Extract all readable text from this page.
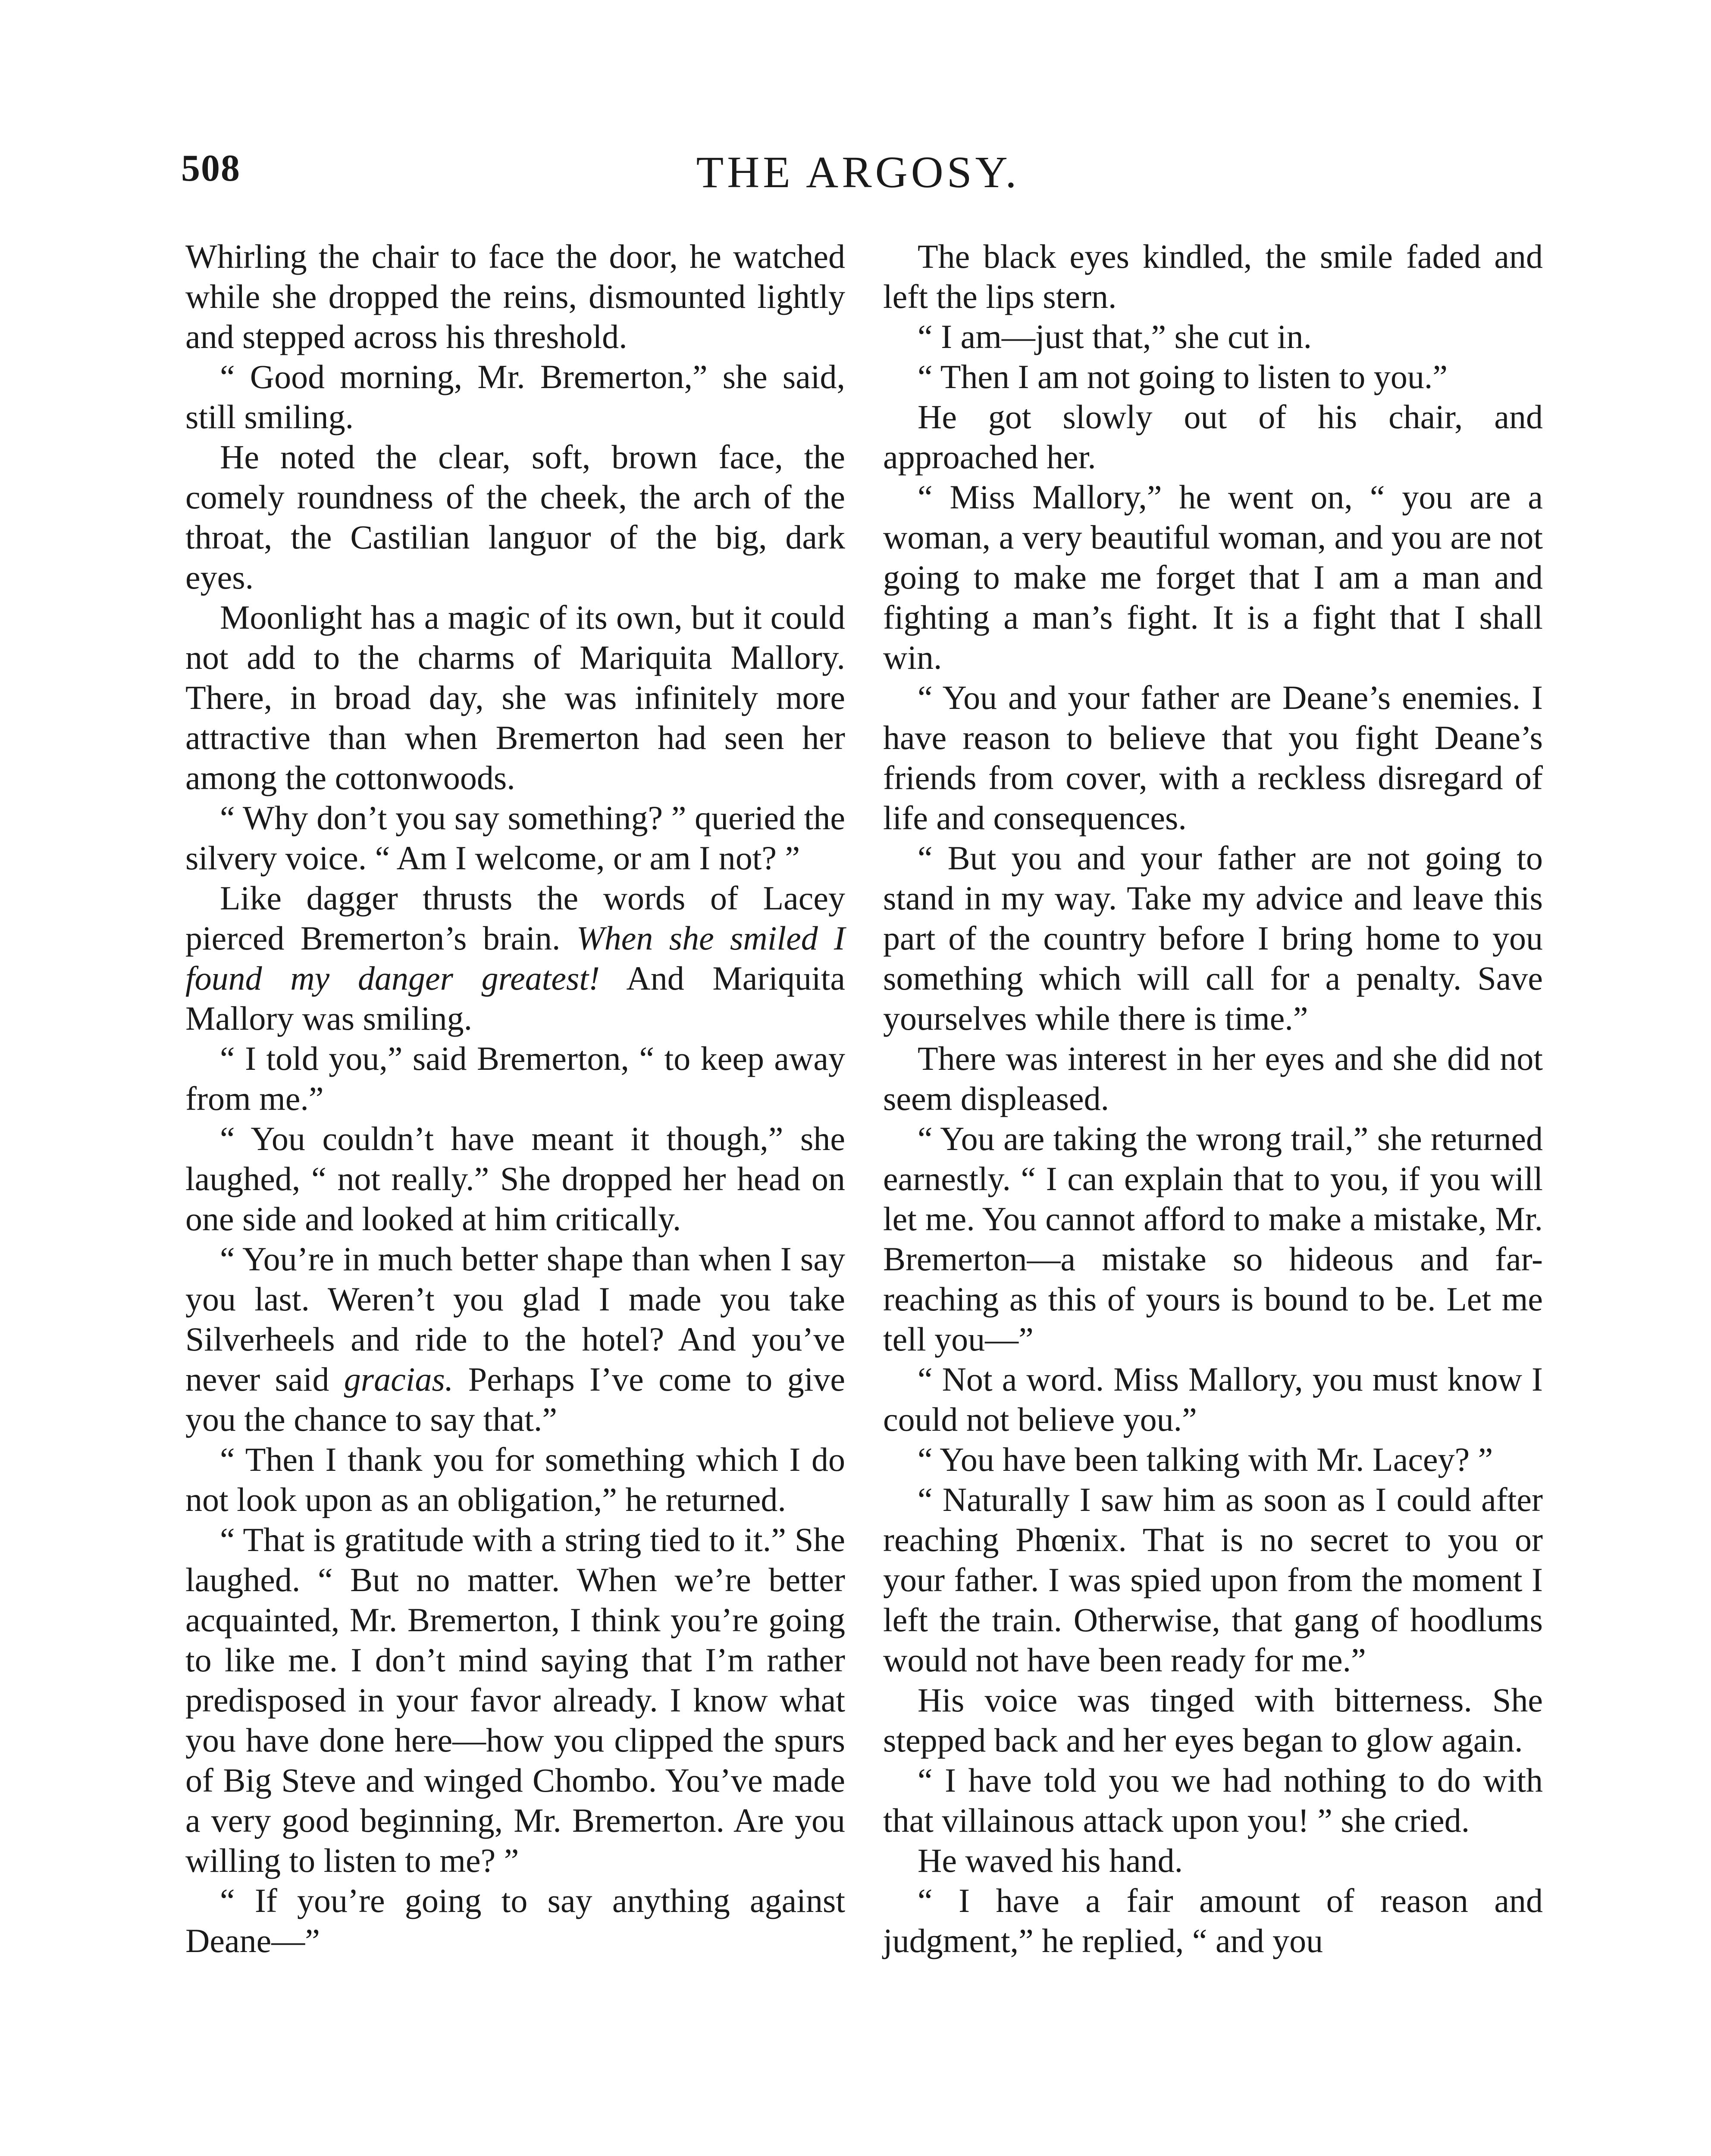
THE ARGOSY.
508

Whirling the chair to face the door, he watched while she dropped the reins, dismounted lightly and stepped across his threshold.

“ Good morning, Mr. Bremerton,” she said, still smiling.

He noted the clear, soft, brown face, the comely roundness of the cheek, the arch of the throat, the Castilian languor of the big, dark eyes.

Moonlight has a magic of its own, but it could not add to the charms of Mariquita Mallory. There, in broad day, she was infinitely more attractive than when Bremerton had seen her among the cottonwoods.

“ Why don’t you say something? ” queried the silvery voice. “ Am I welcome, or am I not? ”

Like dagger thrusts the words of Lacey pierced Bremerton’s brain. When she smiled I found my danger greatest! And Mariquita Mallory was smiling.

“ I told you,” said Bremerton, “ to keep away from me.”

“ You couldn’t have meant it though,” she laughed, “ not really.” She dropped her head on one side and looked at him critically.

“ You’re in much better shape than when I say you last. Weren’t you glad I made you take Silverheels and ride to the hotel? And you’ve never said gracias. Perhaps I’ve come to give you the chance to say that.”

“ Then I thank you for something which I do not look upon as an obligation,” he returned.

“ That is gratitude with a string tied to it.” She laughed. “ But no matter. When we’re better acquainted, Mr. Bremerton, I think you’re going to like me. I don’t mind saying that I’m rather predisposed in your favor already. I know what you have done here—how you clipped the spurs of Big Steve and winged Chombo. You’ve made a very good beginning, Mr. Bremerton. Are you willing to listen to me? ”

“ If you’re going to say anything against Deane—”

The black eyes kindled, the smile faded and left the lips stern.

“ I am—just that,” she cut in.

“ Then I am not going to listen to you.”

He got slowly out of his chair, and approached her.

“ Miss Mallory,” he went on, “ you are a woman, a very beautiful woman, and you are not going to make me forget that I am a man and fighting a man’s fight. It is a fight that I shall win.

“ You and your father are Deane’s enemies. I have reason to believe that you fight Deane’s friends from cover, with a reckless disregard of life and consequences.

“ But you and your father are not going to stand in my way. Take my advice and leave this part of the country before I bring home to you something which will call for a penalty. Save yourselves while there is time.”

There was interest in her eyes and she did not seem displeased.

“ You are taking the wrong trail,” she returned earnestly. “ I can explain that to you, if you will let me. You cannot afford to make a mistake, Mr. Bremerton—a mistake so hideous and far-reaching as this of yours is bound to be. Let me tell you—”

“ Not a word. Miss Mallory, you must know I could not believe you.”

“ You have been talking with Mr. Lacey? ”

“ Naturally I saw him as soon as I could after reaching Phœnix. That is no secret to you or your father. I was spied upon from the moment I left the train. Otherwise, that gang of hoodlums would not have been ready for me.”

His voice was tinged with bitterness. She stepped back and her eyes began to glow again.

“ I have told you we had nothing to do with that villainous attack upon you! ” she cried.

He waved his hand.

“ I have a fair amount of reason and judgment,” he replied, “ and you
